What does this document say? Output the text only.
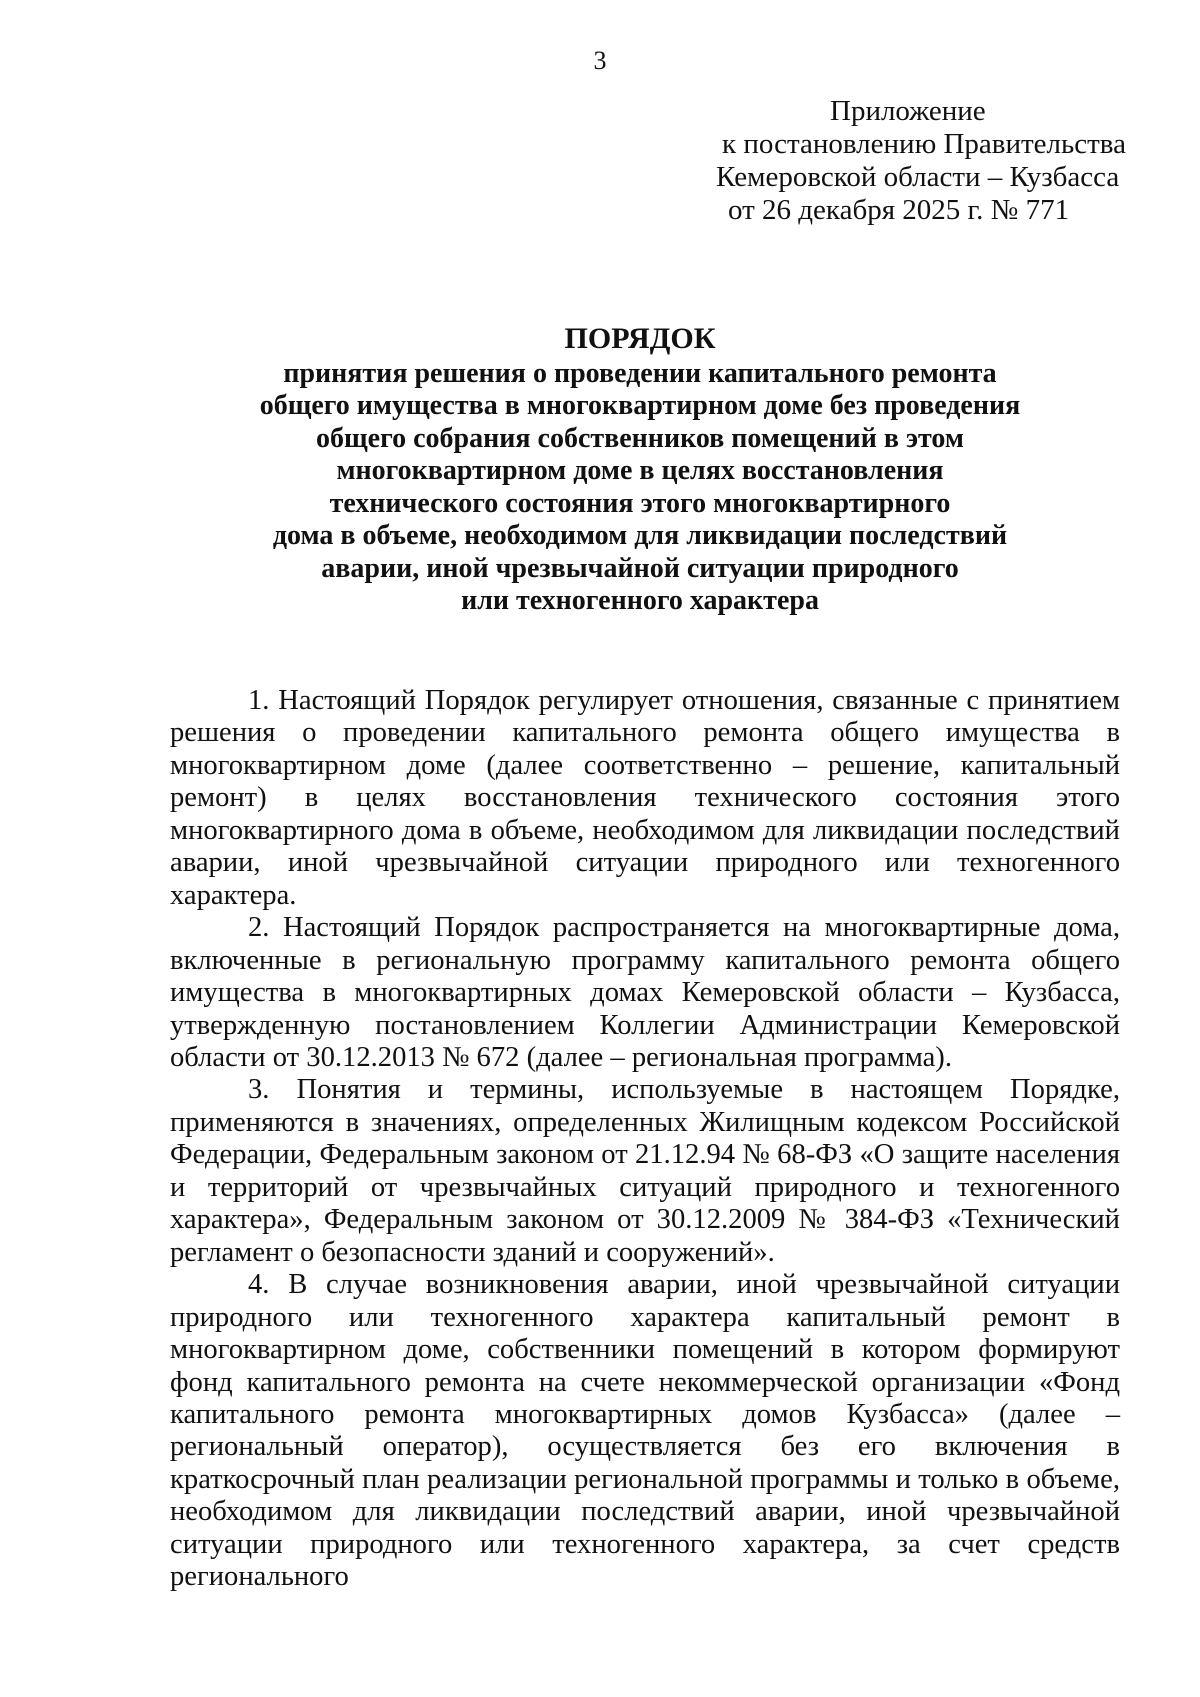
3
Приложение
к постановлению Правительства
Кемеровской области – Кузбасса
от 26 декабря 2025 г. № 771
ПОРЯДОК
принятия решения о проведении капитального ремонта
общего имущества в многоквартирном доме без проведения
общего собрания собственников помещений в этом
многоквартирном доме в целях восстановления
технического состояния этого многоквартирного
дома в объеме, необходимом для ликвидации последствий
аварии, иной чрезвычайной ситуации природного
или техногенного характера

1. Настоящий Порядок регулирует отношения, связанные с принятием решения о проведении капитального ремонта общего имущества в многоквартирном доме (далее соответственно – решение, капитальный ремонт) в целях восстановления технического состояния этого многоквартирного дома в объеме, необходимом для ликвидации последствий аварии, иной чрезвычайной ситуации природного или техногенного характера.

2. Настоящий Порядок распространяется на многоквартирные дома, включенные в региональную программу капитального ремонта общего имущества в многоквартирных домах Кемеровской области – Кузбасса, утвержденную постановлением Коллегии Администрации Кемеровской области от 30.12.2013 № 672 (далее – региональная программа).

3. Понятия и термины, используемые в настоящем Порядке, применяются в значениях, определенных Жилищным кодексом Российской Федерации, Федеральным законом от 21.12.94 № 68-ФЗ «О защите населения и территорий от чрезвычайных ситуаций природного и техногенного характера», Федеральным законом от 30.12.2009 № 384-ФЗ «Технический регламент о безопасности зданий и сооружений».

4. В случае возникновения аварии, иной чрезвычайной ситуации природного или техногенного характера капитальный ремонт в многоквартирном доме, собственники помещений в котором формируют фонд капитального ремонта на счете некоммерческой организации «Фонд капитального ремонта многоквартирных домов Кузбасса» (далее – региональный оператор), осуществляется без его включения в краткосрочный план реализации региональной программы и только в объеме, необходимом для ликвидации последствий аварии, иной чрезвычайной ситуации природного или техногенного характера, за счет средств регионального
